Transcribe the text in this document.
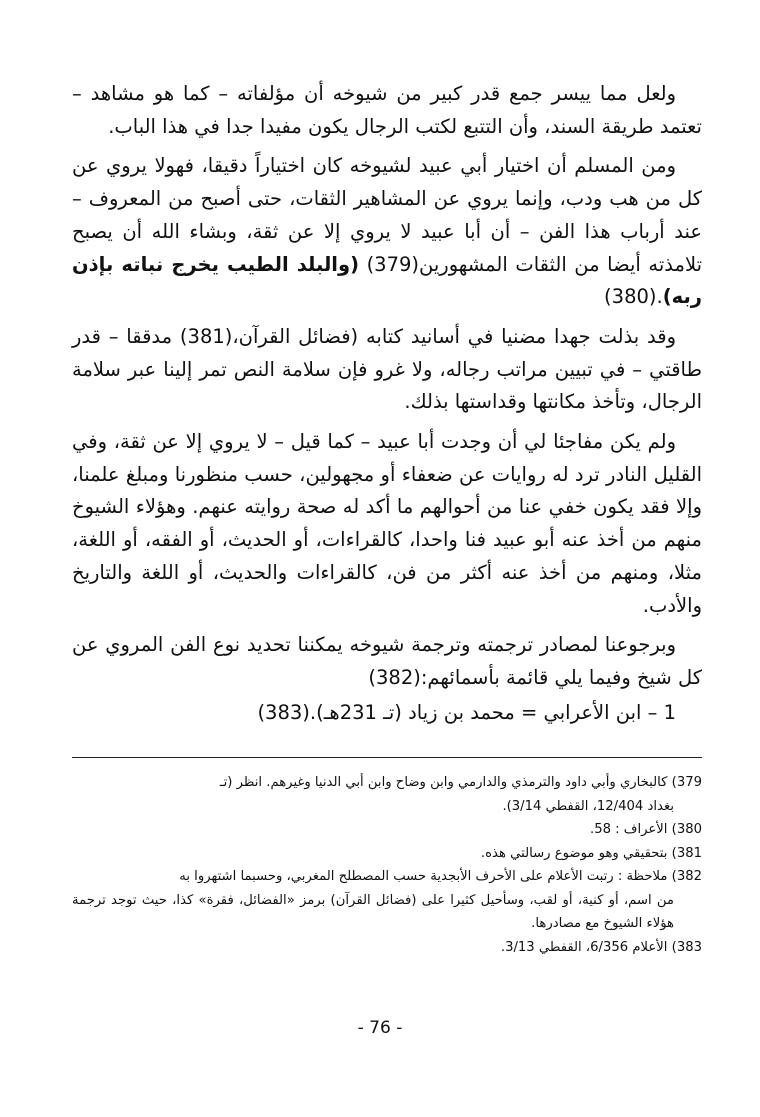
ولعل مما ييسر جمع قدر كبير من شيوخه أن مؤلفاته – كما هو مشاهد – تعتمد طريقة السند، وأن التتبع لكتب الرجال يكون مفيدا جدا في هذا الباب.

ومن المسلم أن اختيار أبي عبيد لشيوخه كان اختياراً دقيقا، فهولا يروي عن كل من هب ودب، وإنما يروي عن المشاهير الثقات، حتى أصبح من المعروف – عند أرباب هذا الفن – أن أبا عبيد لا يروي إلا عن ثقة، وبشاء الله أن يصبح تلامذته أيضا من الثقات المشهورين(379) (والبلد الطيب يخرج نباته بإذن ربه).(380)

وقد بذلت جهدا مضنيا في أسانيد كتابه (فضائل القرآن،(381) مدققا – قدر طاقتي – في تبيين مراتب رجاله، ولا غرو فإن سلامة النص تمر إلينا عبر سلامة الرجال، وتأخذ مكانتها وقداستها بذلك.

ولم يكن مفاجئا لي أن وجدت أبا عبيد – كما قيل – لا يروي إلا عن ثقة، وفي القليل النادر ترد له روايات عن ضعفاء أو مجهولين، حسب منظورنا ومبلغ علمنا، وإلا فقد يكون خفي عنا من أحوالهم ما أكد له صحة روايته عنهم. وهؤلاء الشيوخ منهم من أخذ عنه أبو عبيد فنا واحدا، كالقراءات، أو الحديث، أو الفقه، أو اللغة، مثلا، ومنهم من أخذ عنه أكثر من فن، كالقراءات والحديث، أو اللغة والتاريخ والأدب.

وبرجوعنا لمصادر ترجمته وترجمة شيوخه يمكننا تحديد نوع الفن المروي عن كل شيخ وفيما يلي قائمة بأسمائهم:(382)

1 – ابن الأعرابي = محمد بن زياد (تـ 231هـ).(383)

379) كالبخاري وأبي داود والترمذي والدارمي وابن وضاح وابن أبي الدنيا وغيرهم. انظر (تـ
بغداد 12/404، القفطي 3/14).
380) الأعراف : 58.
381) بتحقيقي وهو موضوع رسالتي هذه.
382) ملاحظة : رتبت الأعلام على الأحرف الأبجدية حسب المصطلح المغربي، وحسبما اشتهروا به
من اسم، أو كنية، أو لقب، وسأحيل كثيرا على (فضائل القرآن) برمز «الفضائل، فقرة» كذا، حيث توجد ترجمة هؤلاء الشيوخ مع مصادرها.
383) الأعلام 6/356، القفطي 3/13.
- 76 -
